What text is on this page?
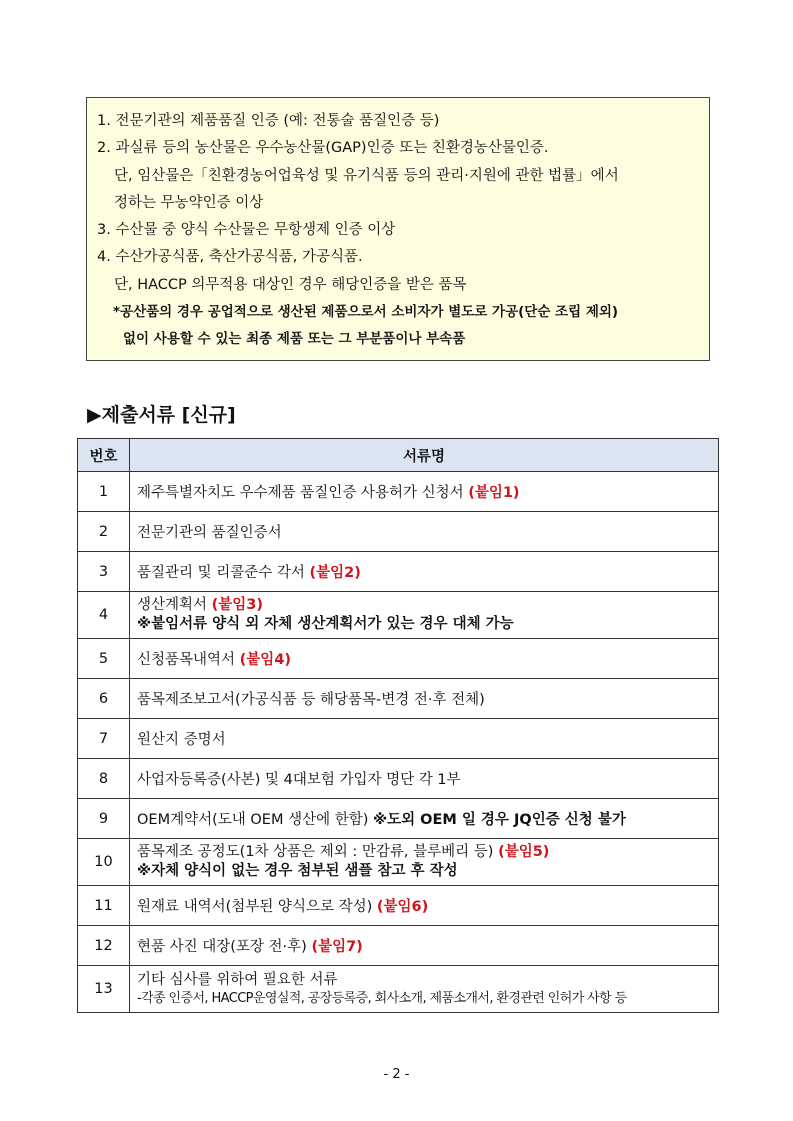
1. 전문기관의 제품품질 인증 (예: 전통술 품질인증 등)
2. 과실류 등의 농산물은 우수농산물(GAP)인증 또는 친환경농산물인증.
단, 임산물은「친환경농어업육성 및 유기식품 등의 관리·지원에 관한 법률」에서
정하는 무농약인증 이상
3. 수산물 중 양식 수산물은 무항생제 인증 이상
4. 수산가공식품, 축산가공식품, 가공식품.
단, HACCP 의무적용 대상인 경우 해당인증을 받은 품목
*공산품의 경우 공업적으로 생산된 제품으로서 소비자가 별도로 가공(단순 조립 제외)
없이 사용할 수 있는 최종 제품 또는 그 부분품이나 부속품
▶제출서류 [신규]
번호	서류명
1	제주특별자치도 우수제품 품질인증 사용허가 신청서 (붙임1)
2	전문기관의 품질인증서
3	품질관리 및 리콜준수 각서 (붙임2)
4	생산계획서 (붙임3)
※붙임서류 양식 외 자체 생산계획서가 있는 경우 대체 가능
5	신청품목내역서 (붙임4)
6	품목제조보고서(가공식품 등 해당품목-변경 전·후 전체)
7	원산지 증명서
8	사업자등록증(사본) 및 4대보험 가입자 명단 각 1부
9	OEM계약서(도내 OEM 생산에 한함) ※도외 OEM 일 경우 JQ인증 신청 불가
10	품목제조 공정도(1차 상품은 제외 : 만감류, 블루베리 등) (붙임5)
※자체 양식이 없는 경우 첨부된 샘플 참고 후 작성
11	원재료 내역서(첨부된 양식으로 작성) (붙임6)
12	현품 사진 대장(포장 전·후) (붙임7)
13	기타 심사를 위하여 필요한 서류
-각종 인증서, HACCP운영실적, 공장등록증, 회사소개, 제품소개서, 환경관련 인허가 사항 등
- 2 -
